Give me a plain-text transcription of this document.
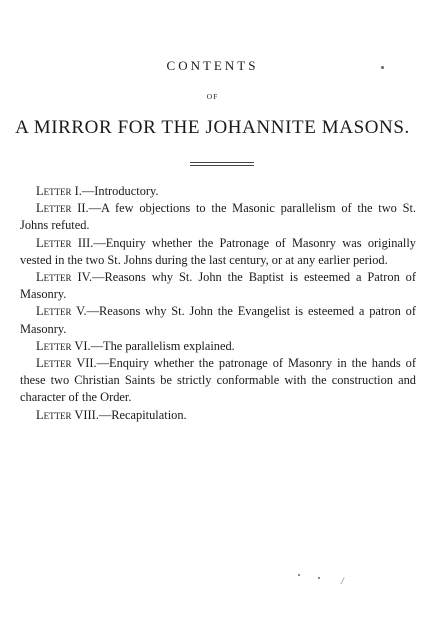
CONTENTS
OF
A MIRROR FOR THE JOHANNITE MASONS.

Letter I.—Introductory.

Letter II.—A few objections to the Masonic parallelism of the two St. Johns refuted.

Letter III.—Enquiry whether the Patronage of Masonry was originally vested in the two St. Johns during the last century, or at any earlier period.

Letter IV.—Reasons why St. John the Baptist is esteemed a Patron of Masonry.

Letter V.—Reasons why St. John the Evangelist is esteemed a patron of Masonry.

Letter VI.—The parallelism explained.

Letter VII.—Enquiry whether the patronage of Masonry in the hands of these two Christian Saints be strictly conformable with the construction and character of the Order.

Letter VIII.—Recapitulation.

/
